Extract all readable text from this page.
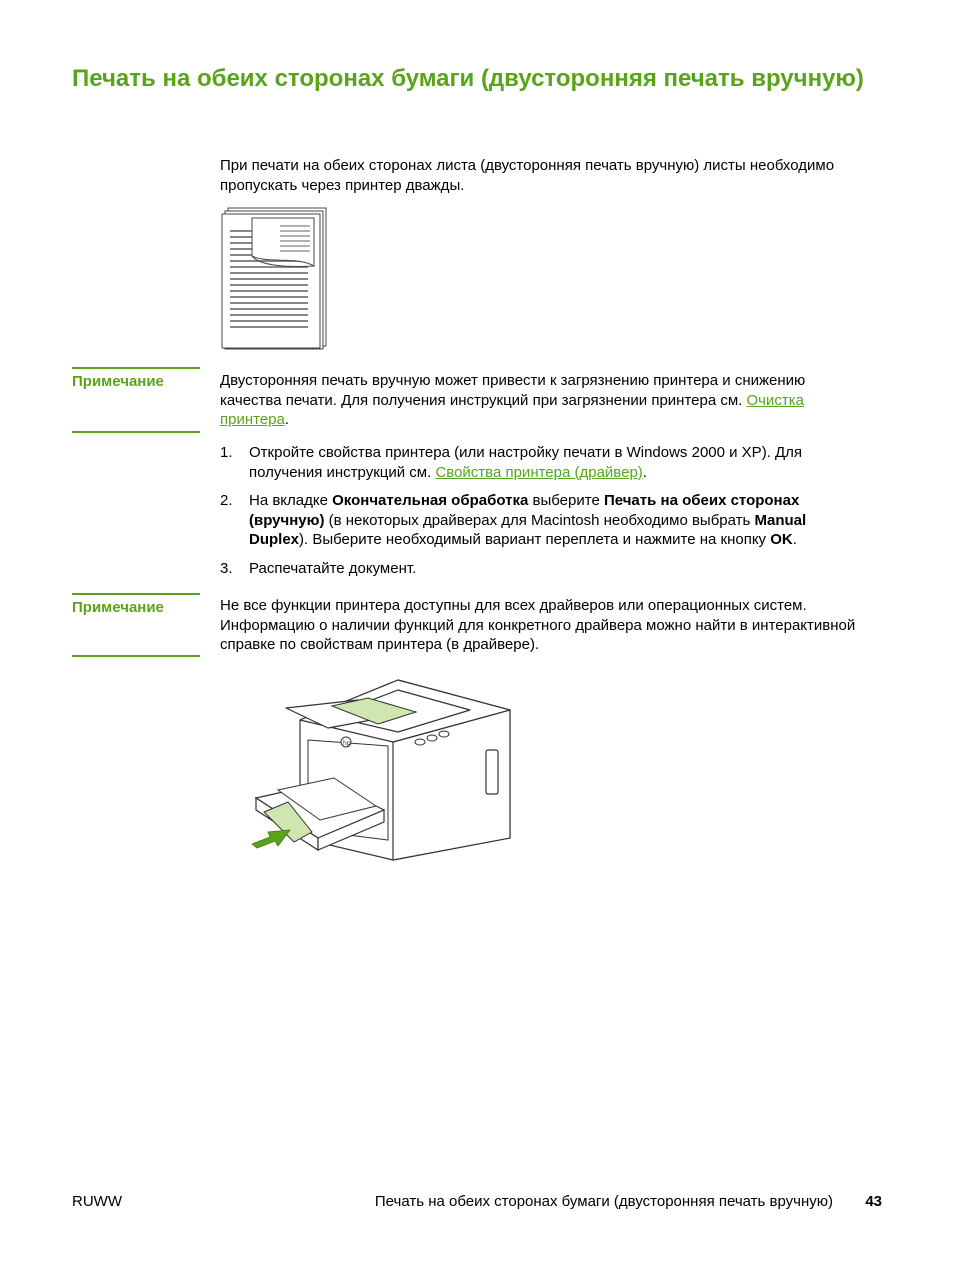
Печать на обеих сторонах бумаги (двусторонняя печать вручную)

При печати на обеих сторонах листа (двусторонняя печать вручную) листы необходимо пропускать через принтер дважды.

Примечание	Двусторонняя печать вручную может привести к загрязнению принтера и снижению качества печати. Для получения инструкций при загрязнении принтера см. Очистка принтера.

1. Откройте свойства принтера (или настройку печати в Windows 2000 и XP). Для получения инструкций см. Свойства принтера (драйвер).
2. На вкладке Окончательная обработка выберите Печать на обеих сторонах (вручную) (в некоторых драйверах для Macintosh необходимо выбрать Manual Duplex). Выберите необходимый вариант переплета и нажмите на кнопку OK.
3. Распечатайте документ.
Примечание	Не все функции принтера доступны для всех драйверов или операционных систем. Информацию о наличии функций для конкретного драйвера можно найти в интерактивной справке по свойствам принтера (в драйвере).

hp
RUWW	Печать на обеих сторонах бумаги (двусторонняя печать вручную) 43
